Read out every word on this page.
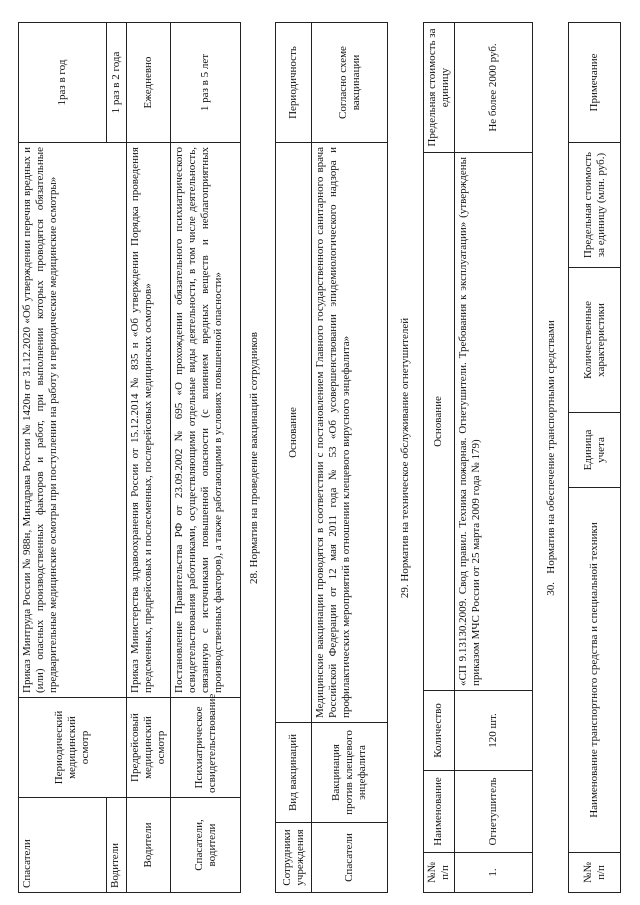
Спасатели	Периодический медицинский осмотр	Приказ Минтруда России № 988н, Минздрава России № 1420н от 31.12.2020 «Об утверждении перечня вредных и (или) опасных производственных факторов и работ, при выполнении которых проводятся обязательные предварительные медицинские осмотры при поступлении на работу и периодические медицинские осмотры»	1раз в год
Водители			1 раз в 2 года
Водители	Предрейсовый медицинский осмотр	Приказ Министерства здравоохранения России от 15.12.2014 № 835 н «Об утверждении Порядка проведения предсменных, предрейсовых и послесменных, послерейсовых медицинских осмотров»	Ежедневно
Спасатели, водители	Психиатрическое освидетельствование	Постановление Правительства РФ от 23.09.2002 № 695 «О прохождении обязательного психиатрического освидетельствования работниками, осуществляющими отдельные виды деятельности, в том числе деятельность, связанную с источниками повышенной опасности (с влиянием вредных веществ и неблагоприятных производственных факторов), а также работающими в условиях повышенной опасности»	1 раз в 5 лет
28. Норматив на проведение вакцинаций сотрудников
Сотрудники учреждения	Вид вакцинаций	Основание	Периодичность
Спасатели	Вакцинация против клещевого энцефалита	Медицинские вакцинации проводятся в соответствии с постановлением Главного государственного санитарного врача Российской Федерации от 12 мая 2011 года № 53 «Об усовершенствовании эпидемиологического надзора и профилактических мероприятий в отношении клещевого вирусного энцефалита»	Согласно схеме вакцинации
29. Норматив на техническое обслуживание огнетушителей
№№ п/п	Наименование	Количество	Основание	Предельная стоимость за единицу
1.	Огнетушитель	120 шт.	«СП 9.13130.2009. Свод правил. Техника пожарная. Огнетушители. Требования к эксплуатации» (утверждены приказом МЧС России от 25 марта 2009 года № 179)	Не более 2000 руб.
30.   Норматив на обеспечение транспортными средствами
№№ п/п	Наименование транспортного средства и специальной техники	Единица учета	Количественные характеристики	Предельная стоимость за единицу (млн. руб.)	Примечание
